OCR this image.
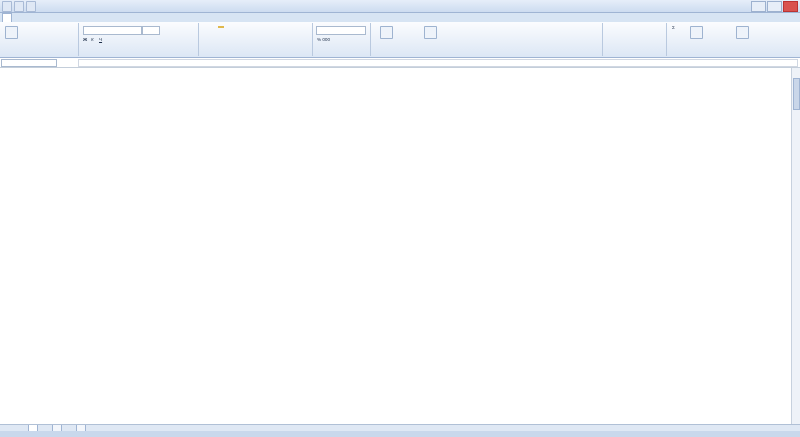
Ж К Ч	% 000
Σ
